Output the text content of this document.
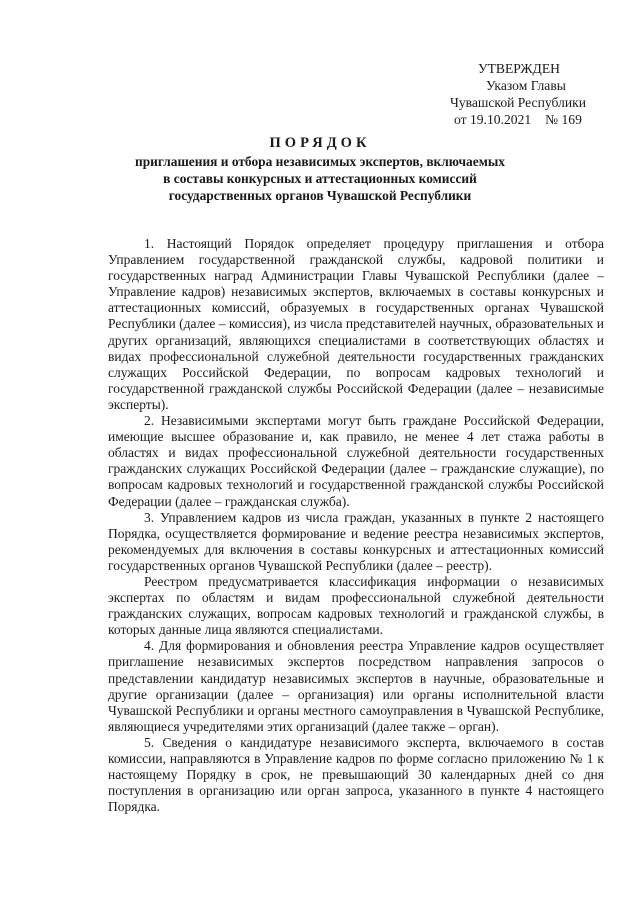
УТВЕРЖДЕН
Указом Главы
Чувашской Республики
от 19.10.2021 № 169
ПОРЯДОК
приглашения и отбора независимых экспертов, включаемых
в составы конкурсных и аттестационных комиссий
государственных органов Чувашской Республики

1. Настоящий Порядок определяет процедуру приглашения и отбора Управлением государственной гражданской службы, кадровой политики и государственных наград Администрации Главы Чувашской Республики (далее – Управление кадров) независимых экспертов, включаемых в составы конкурсных и аттестационных комиссий, образуемых в государственных органах Чувашской Республики (далее – комиссия), из числа представителей научных, образовательных и других организаций, являющихся специалистами в соответствующих областях и видах профессиональной служебной деятельности государственных гражданских служащих Российской Федерации, по вопросам кадровых технологий и государственной гражданской службы Российской Федерации (далее – независимые эксперты).

2. Независимыми экспертами могут быть граждане Российской Федерации, имеющие высшее образование и, как правило, не менее 4 лет стажа работы в областях и видах профессиональной служебной деятельности государственных гражданских служащих Российской Федерации (далее – гражданские служащие), по вопросам кадровых технологий и государственной гражданской службы Российской Федерации (далее – гражданская служба).

3. Управлением кадров из числа граждан, указанных в пункте 2 настоящего Порядка, осуществляется формирование и ведение реестра независимых экспертов, рекомендуемых для включения в составы конкурсных и аттестационных комиссий государственных органов Чувашской Республики (далее – реестр).

Реестром предусматривается классификация информации о независимых экспертах по областям и видам профессиональной служебной деятельности гражданских служащих, вопросам кадровых технологий и гражданской службы, в которых данные лица являются специалистами.

4. Для формирования и обновления реестра Управление кадров осуществляет приглашение независимых экспертов посредством направления запросов о представлении кандидатур независимых экспертов в научные, образовательные и другие организации (далее – организация) или органы исполнительной власти Чувашской Республики и органы местного самоуправления в Чувашской Республике, являющиеся учредителями этих организаций (далее также – орган).

5. Сведения о кандидатуре независимого эксперта, включаемого в состав комиссии, направляются в Управление кадров по форме согласно приложению № 1 к настоящему Порядку в срок, не превышающий 30 календарных дней со дня поступления в организацию или орган запроса, указанного в пункте 4 настоящего Порядка.
